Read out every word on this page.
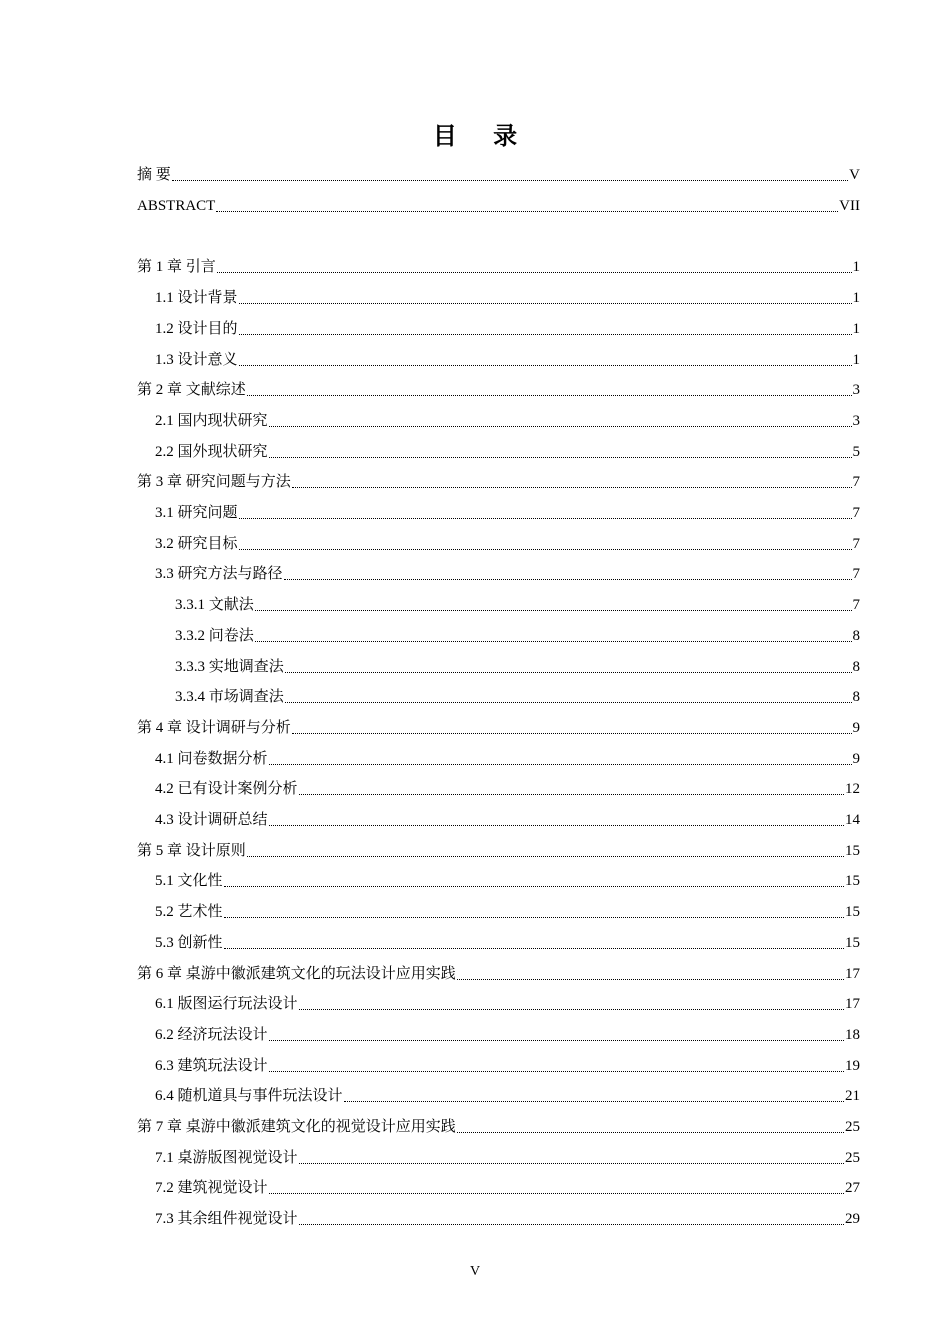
目 录
摘 要	V
ABSTRACT	VII
第 1 章 引言	1
1.1 设计背景	1
1.2 设计目的	1
1.3 设计意义	1
第 2 章 文献综述	3
2.1 国内现状研究	3
2.2 国外现状研究	5
第 3 章 研究问题与方法	7
3.1 研究问题	7
3.2 研究目标	7
3.3 研究方法与路径	7
3.3.1 文献法	7
3.3.2 问卷法	8
3.3.3 实地调查法	8
3.3.4 市场调查法	8
第 4 章 设计调研与分析	9
4.1 问卷数据分析	9
4.2 已有设计案例分析	12
4.3 设计调研总结	14
第 5 章 设计原则	15
5.1 文化性	15
5.2 艺术性	15
5.3 创新性	15
第 6 章 桌游中徽派建筑文化的玩法设计应用实践	17
6.1 版图运行玩法设计	17
6.2 经济玩法设计	18
6.3 建筑玩法设计	19
6.4 随机道具与事件玩法设计	21
第 7 章 桌游中徽派建筑文化的视觉设计应用实践	25
7.1 桌游版图视觉设计	25
7.2 建筑视觉设计	27
7.3 其余组件视觉设计	29
V
